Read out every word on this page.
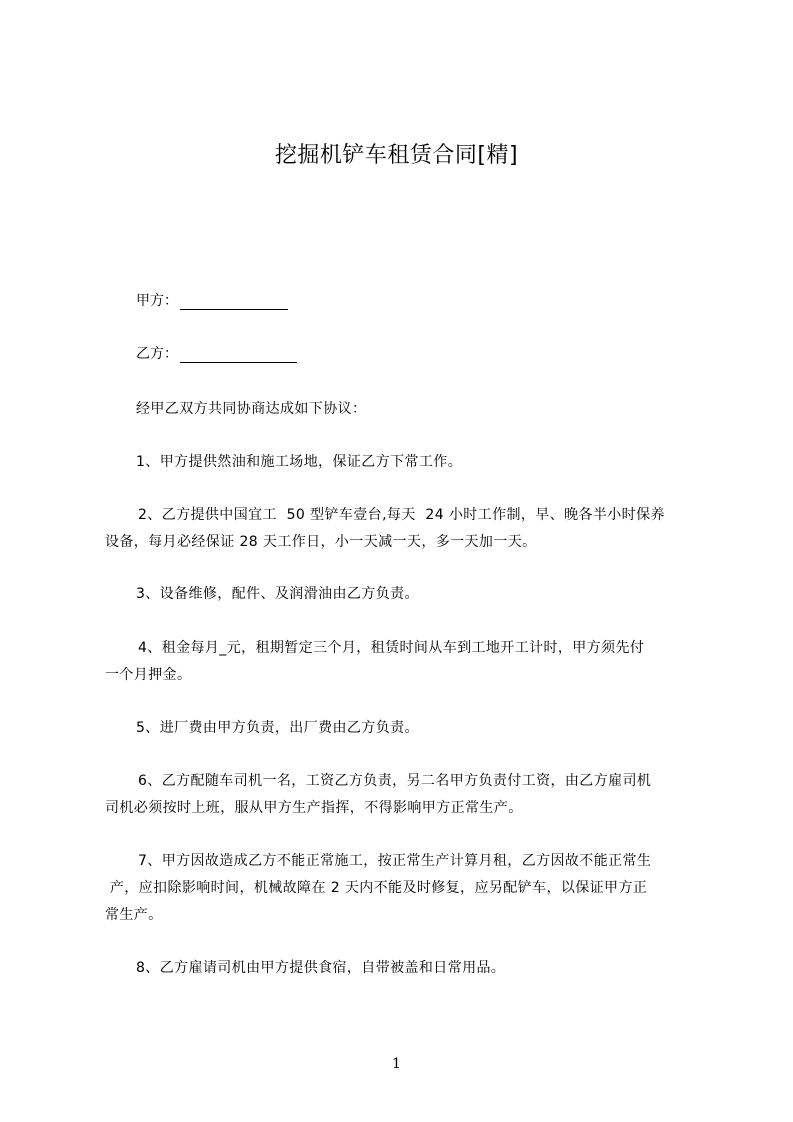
挖掘机铲车租赁合同[精]
甲方：
乙方：
经甲乙双方共同协商达成如下协议：
1、甲方提供然油和施工场地，保证乙方下常工作。
2、乙方提供中国宜工  50 型铲车壹台,每天  24 小时工作制，早、晚各半小时保养
设备，每月必经保证 28 天工作日，小一天减一天，多一天加一天。
3、设备维修，配件、及润滑油由乙方负责。
4、租金每月_元，租期暂定三个月，租赁时间从车到工地开工计时，甲方须先付
一个月押金。
5、进厂费由甲方负责，出厂费由乙方负责。
6、乙方配随车司机一名，工资乙方负责，另二名甲方负责付工资，由乙方雇司机
司机必须按时上班，服从甲方生产指挥，不得影响甲方正常生产。
7、甲方因故造成乙方不能正常施工，按正常生产计算月租，乙方因故不能正常生
产，应扣除影响时间，机械故障在 2 天内不能及时修复，应另配铲车，以保证甲方正
常生产。
8、乙方雇请司机由甲方提供食宿，自带被盖和日常用品。
1
